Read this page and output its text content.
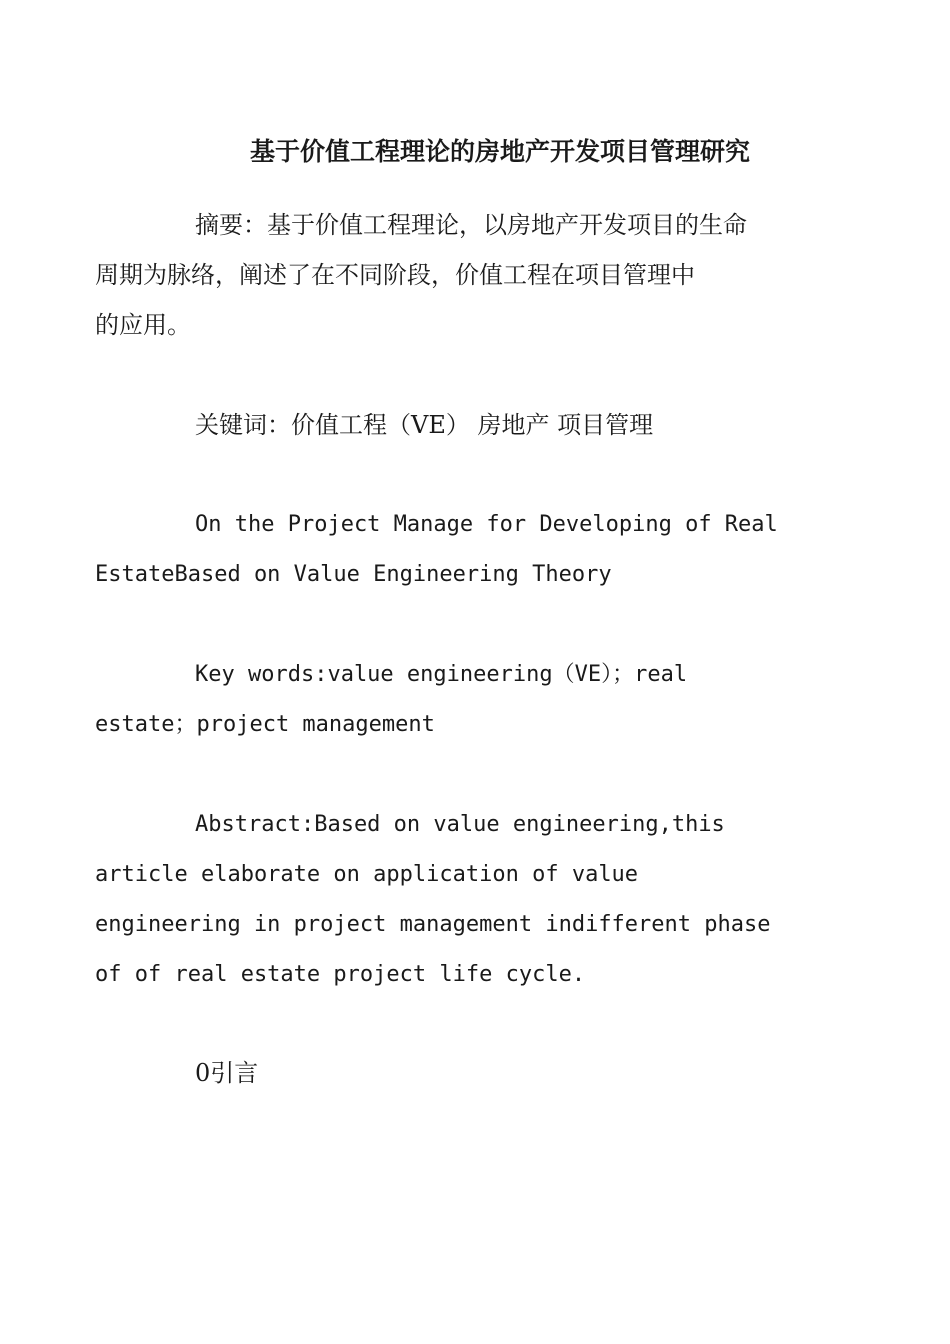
基于价值工程理论的房地产开发项目管理研究
摘要：基于价值工程理论，以房地产开发项目的生命
周期为脉络，阐述了在不同阶段，价值工程在项目管理中
的应用。
关键词：价值工程（VE） 房地产 项目管理
On the Project Manage for Developing of Real
EstateBased on Value Engineering Theory
Key words:value engineering（VE）；real
estate；project management
Abstract:Based on value engineering,this
article elaborate on application of value
engineering in project management indifferent phase
of of real estate project life cycle.
0引言
